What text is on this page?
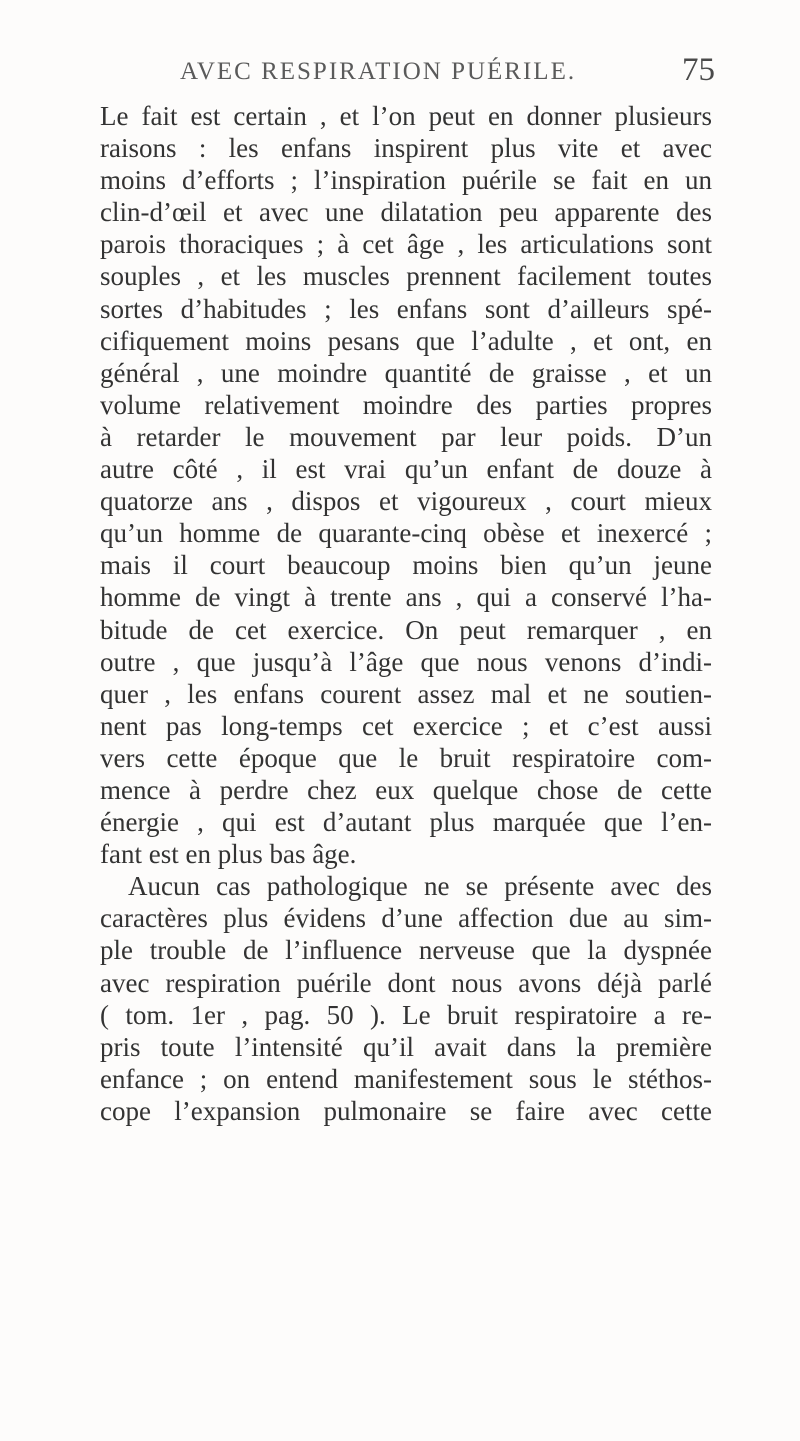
AVEC RESPIRATION PUÉRILE.	75
Le fait est certain , et l’on peut en donner plusieurs
raisons : les enfans inspirent plus vite et avec
moins d’efforts ; l’inspiration puérile se fait en un
clin-d’œil et avec une dilatation peu apparente des
parois thoraciques ; à cet âge , les articulations sont
souples , et les muscles prennent facilement toutes
sortes d’habitudes ; les enfans sont d’ailleurs spé-
cifiquement moins pesans que l’adulte , et ont, en
général , une moindre quantité de graisse , et un
volume relativement moindre des parties propres
à retarder le mouvement par leur poids. D’un
autre côté , il est vrai qu’un enfant de douze à
quatorze ans , dispos et vigoureux , court mieux
qu’un homme de quarante-cinq obèse et inexercé ;
mais il court beaucoup moins bien qu’un jeune
homme de vingt à trente ans , qui a conservé l’ha-
bitude de cet exercice. On peut remarquer , en
outre , que jusqu’à l’âge que nous venons d’indi-
quer , les enfans courent assez mal et ne soutien-
nent pas long-temps cet exercice ; et c’est aussi
vers cette époque que le bruit respiratoire com-
mence à perdre chez eux quelque chose de cette
énergie , qui est d’autant plus marquée que l’en-
fant est en plus bas âge.
Aucun cas pathologique ne se présente avec des
caractères plus évidens d’une affection due au sim-
ple trouble de l’influence nerveuse que la dyspnée
avec respiration puérile dont nous avons déjà parlé
( tom. 1er , pag. 50 ). Le bruit respiratoire a re-
pris toute l’intensité qu’il avait dans la première
enfance ; on entend manifestement sous le stéthos-
cope l’expansion pulmonaire se faire avec cette
